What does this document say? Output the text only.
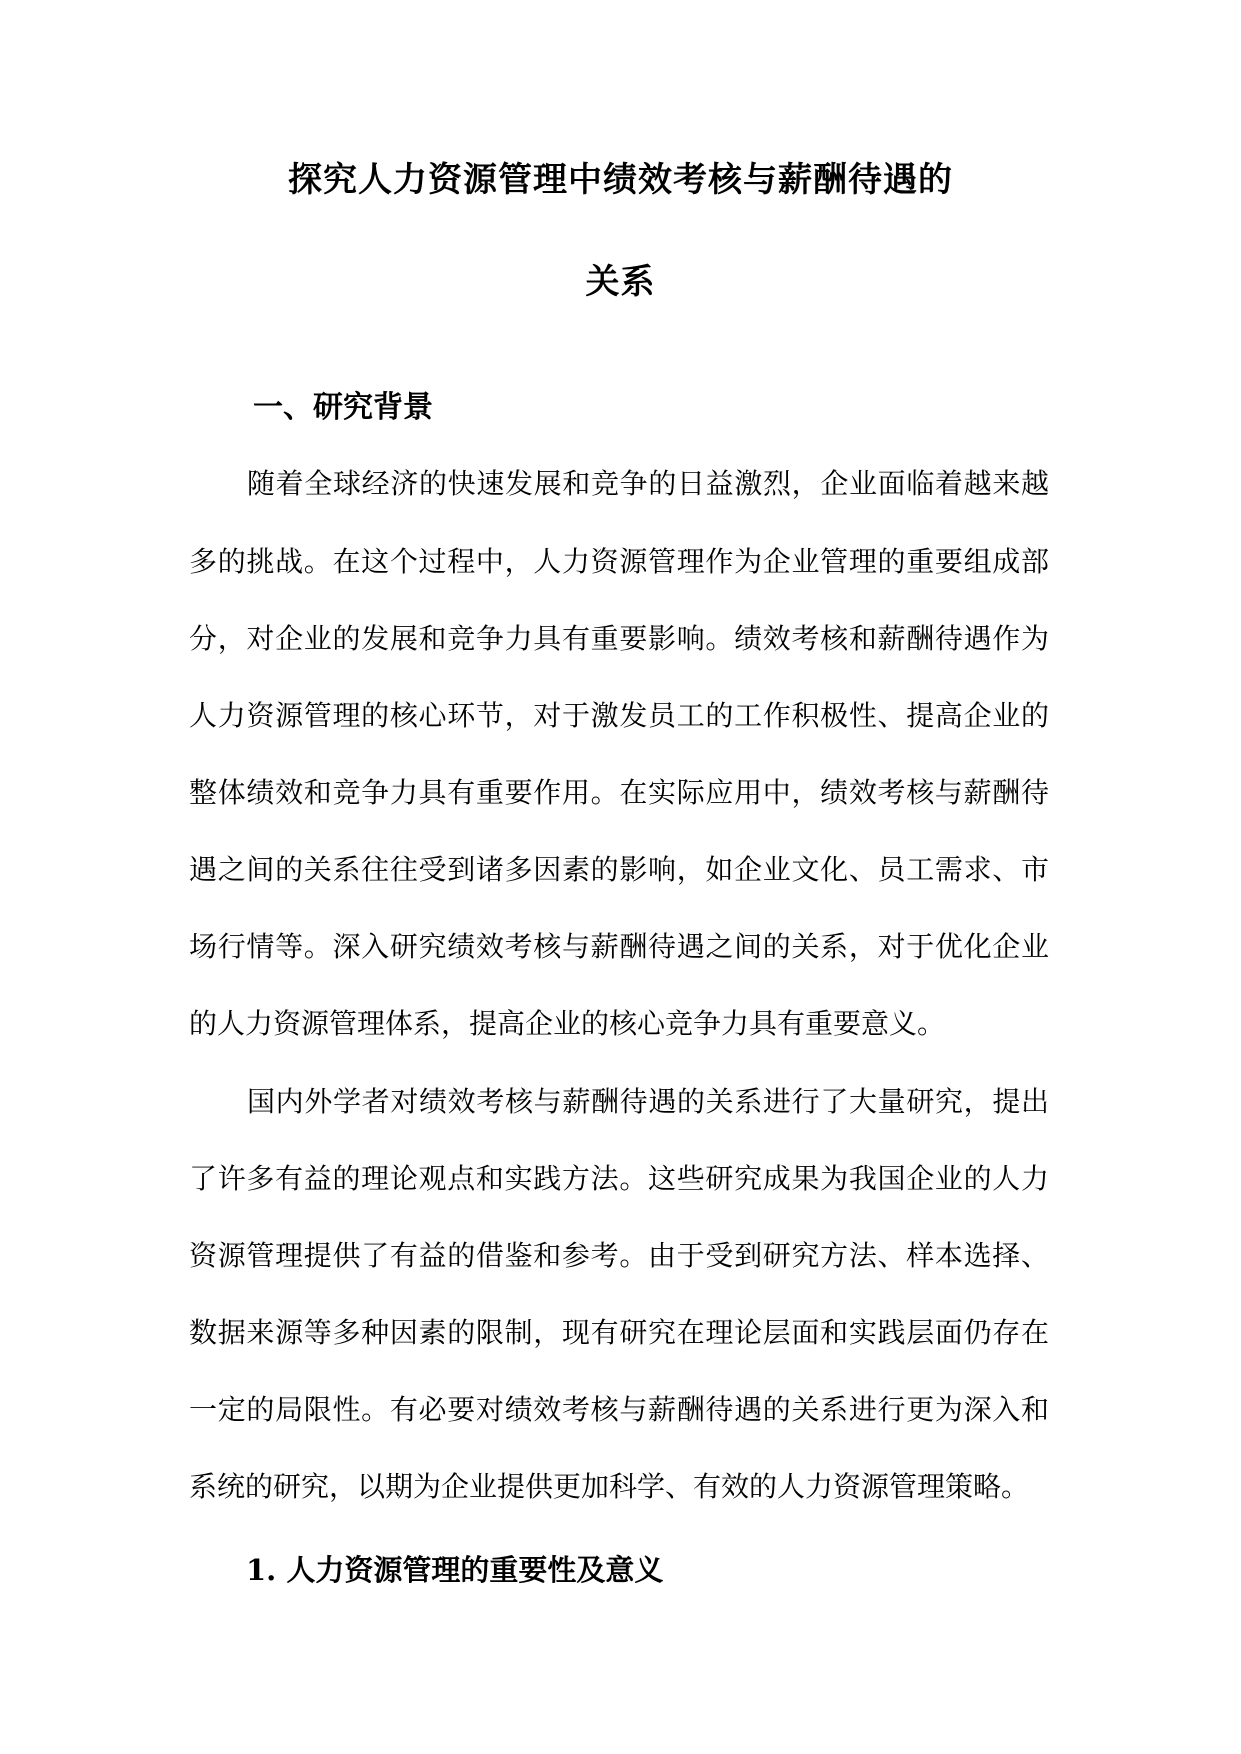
探究人力资源管理中绩效考核与薪酬待遇的
关系
一、研究背景
随着全球经济的快速发展和竞争的日益激烈，企业面临着越来越
多的挑战。在这个过程中，人力资源管理作为企业管理的重要组成部
分，对企业的发展和竞争力具有重要影响。绩效考核和薪酬待遇作为
人力资源管理的核心环节，对于激发员工的工作积极性、提高企业的
整体绩效和竞争力具有重要作用。在实际应用中，绩效考核与薪酬待
遇之间的关系往往受到诸多因素的影响，如企业文化、员工需求、市
场行情等。深入研究绩效考核与薪酬待遇之间的关系，对于优化企业
的人力资源管理体系，提高企业的核心竞争力具有重要意义。
国内外学者对绩效考核与薪酬待遇的关系进行了大量研究，提出
了许多有益的理论观点和实践方法。这些研究成果为我国企业的人力
资源管理提供了有益的借鉴和参考。由于受到研究方法、样本选择、
数据来源等多种因素的限制，现有研究在理论层面和实践层面仍存在
一定的局限性。有必要对绩效考核与薪酬待遇的关系进行更为深入和
系统的研究，以期为企业提供更加科学、有效的人力资源管理策略。
1. 人力资源管理的重要性及意义
